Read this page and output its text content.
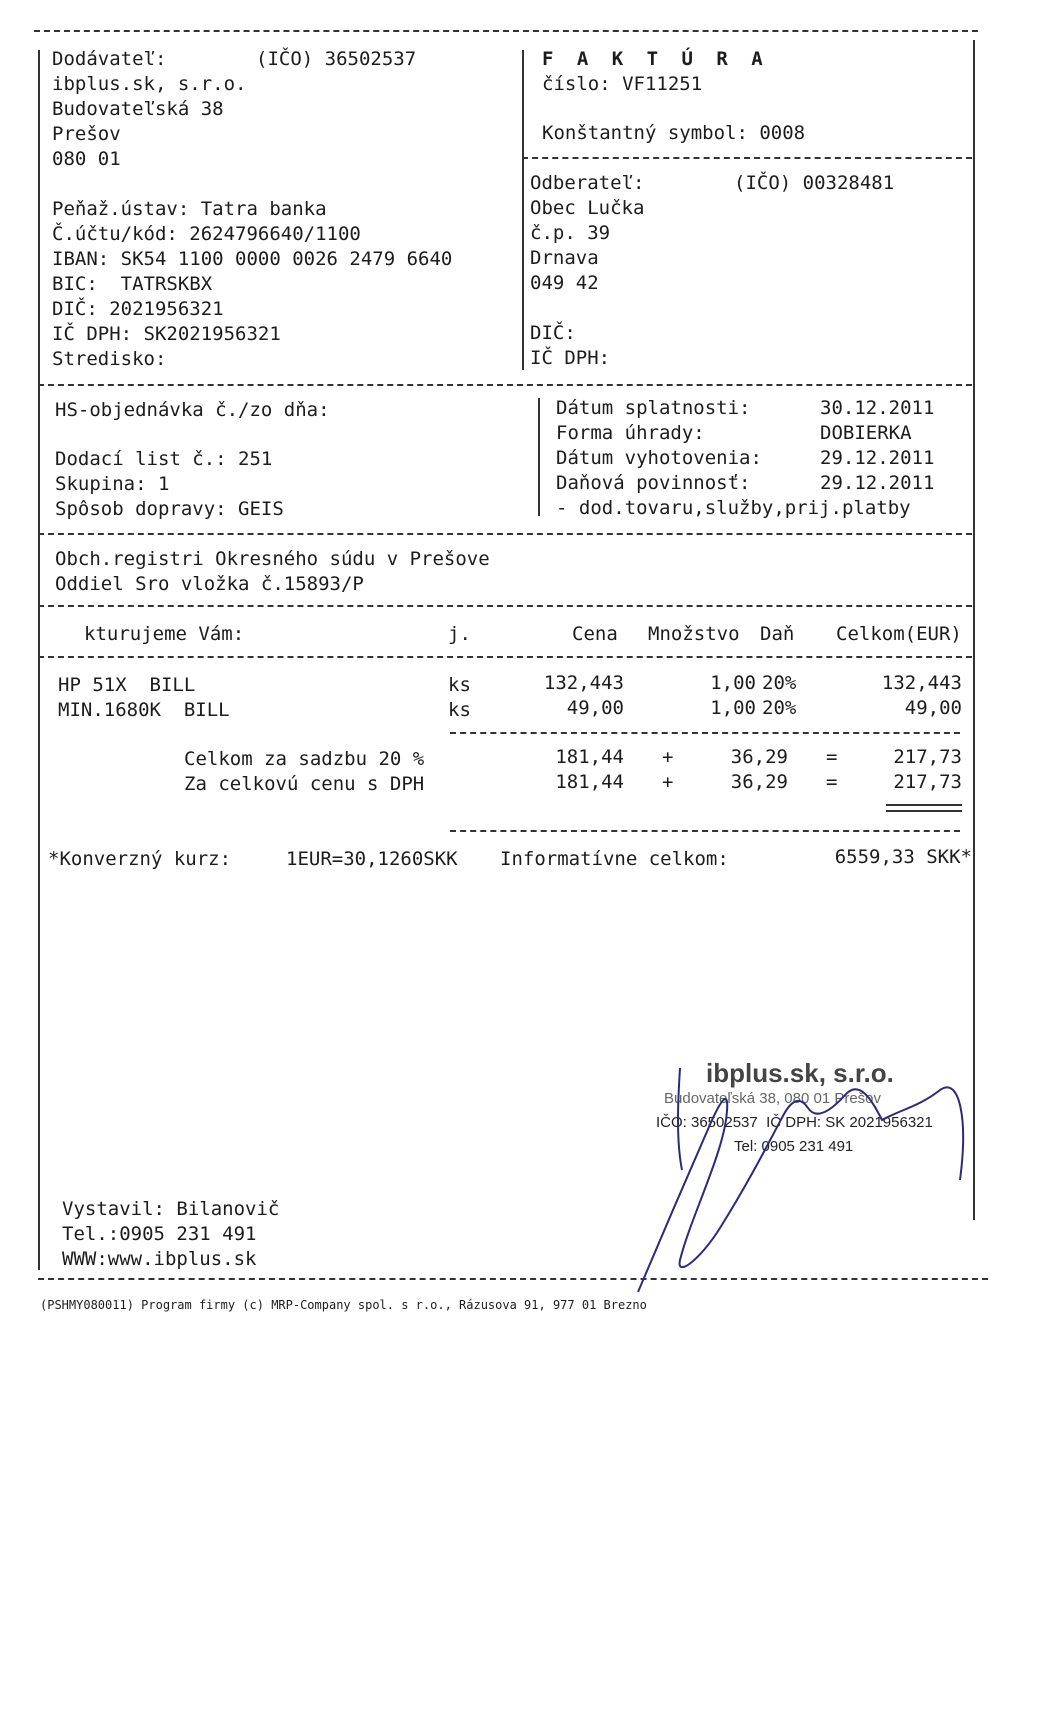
Dodávateľ:	(IČO) 36502537
ibplus.sk, s.r.o.
Budovateľská 38
Prešov
080 01
Peňaž.ústav: Tatra banka
Č.účtu/kód: 2624796640/1100
IBAN: SK54 1100 0000 0026 2479 6640
BIC:  TATRSKBX
DIČ: 2021956321
IČ DPH: SK2021956321
Stredisko:
F A K T Ú R A
číslo: VF11251
Konštantný symbol: 0008
Odberateľ:	(IČO) 00328481
Obec Lučka
č.p. 39
Drnava
049 42
DIČ:
IČ DPH:
HS-objednávka č./zo dňa:
Dodací list č.: 251
Skupina: 1
Spôsob dopravy: GEIS
Dátum splatnosti:	30.12.2011
Forma úhrady:	DOBIERKA
Dátum vyhotovenia:	29.12.2011
Daňová povinnosť:	29.12.2011
- dod.tovaru,služby,prij.platby
Obch.registri Okresného súdu v Prešove
Oddiel Sro vložka č.15893/P
kturujeme Vám:	j.	Cena Množstvo Daň Celkom(EUR)
HP 51X  BILL	ks	132,443	1,00 20%	132,443
MIN.1680K  BILL	ks	49,00	1,00 20%	49,00
Celkom za sadzbu 20 %	181,44 +	36,29 =	217,73
Za celkovú cenu s DPH	181,44 +	36,29 =	217,73
*Konverzný kurz:	1EUR=30,1260SKK Informatívne celkom:	6559,33 SKK*
ibplus.sk, s.r.o.
Budovateľská 38, 080 01 Prešov
IČO: 36502537  IČ DPH: SK 2021956321
Tel: 0905 231 491
Vystavil: Bilanovič
Tel.:0905 231 491
WWW:www.ibplus.sk
(PSHMY080011) Program firmy (c) MRP-Company spol. s r.o., Rázusova 91, 977 01 Brezno
